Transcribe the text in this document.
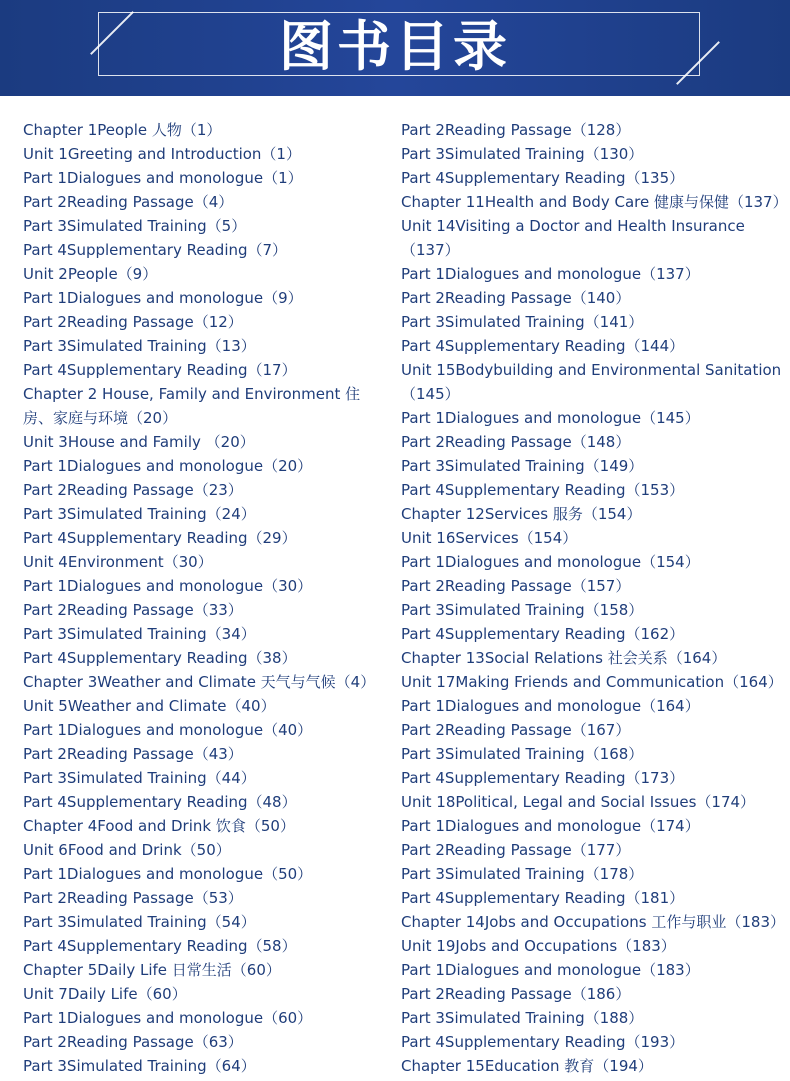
图书目录
Chapter 1People 人物（1）
Unit 1Greeting and Introduction（1）
Part 1Dialogues and monologue（1）
Part 2Reading Passage（4）
Part 3Simulated Training（5）
Part 4Supplementary Reading（7）
Unit 2People（9）
Part 1Dialogues and monologue（9）
Part 2Reading Passage（12）
Part 3Simulated Training（13）
Part 4Supplementary Reading（17）
Chapter 2 House, Family and Environment 住房、家庭与环境（20）
Unit 3House and Family （20）
Part 1Dialogues and monologue（20）
Part 2Reading Passage（23）
Part 3Simulated Training（24）
Part 4Supplementary Reading（29）
Unit 4Environment（30）
Part 1Dialogues and monologue（30）
Part 2Reading Passage（33）
Part 3Simulated Training（34）
Part 4Supplementary Reading（38）
Chapter 3Weather and Climate 天气与气候（4）
Unit 5Weather and Climate（40）
Part 1Dialogues and monologue（40）
Part 2Reading Passage（43）
Part 3Simulated Training（44）
Part 4Supplementary Reading（48）
Chapter 4Food and Drink 饮食（50）
Unit 6Food and Drink（50）
Part 1Dialogues and monologue（50）
Part 2Reading Passage（53）
Part 3Simulated Training（54）
Part 4Supplementary Reading（58）
Chapter 5Daily Life 日常生活（60）
Unit 7Daily Life（60）
Part 1Dialogues and monologue（60）
Part 2Reading Passage（63）
Part 3Simulated Training（64）
Part 2Reading Passage（128）
Part 3Simulated Training（130）
Part 4Supplementary Reading（135）
Chapter 11Health and Body Care 健康与保健（137）
Unit 14Visiting a Doctor and Health Insurance（137）
Part 1Dialogues and monologue（137）
Part 2Reading Passage（140）
Part 3Simulated Training（141）
Part 4Supplementary Reading（144）
Unit 15Bodybuilding and Environmental Sanitation（145）
Part 1Dialogues and monologue（145）
Part 2Reading Passage（148）
Part 3Simulated Training（149）
Part 4Supplementary Reading（153）
Chapter 12Services 服务（154）
Unit 16Services（154）
Part 1Dialogues and monologue（154）
Part 2Reading Passage（157）
Part 3Simulated Training（158）
Part 4Supplementary Reading（162）
Chapter 13Social Relations 社会关系（164）
Unit 17Making Friends and Communication（164）
Part 1Dialogues and monologue（164）
Part 2Reading Passage（167）
Part 3Simulated Training（168）
Part 4Supplementary Reading（173）
Unit 18Political, Legal and Social Issues（174）
Part 1Dialogues and monologue（174）
Part 2Reading Passage（177）
Part 3Simulated Training（178）
Part 4Supplementary Reading（181）
Chapter 14Jobs and Occupations 工作与职业（183）
Unit 19Jobs and Occupations（183）
Part 1Dialogues and monologue（183）
Part 2Reading Passage（186）
Part 3Simulated Training（188）
Part 4Supplementary Reading（193）
Chapter 15Education 教育（194）
